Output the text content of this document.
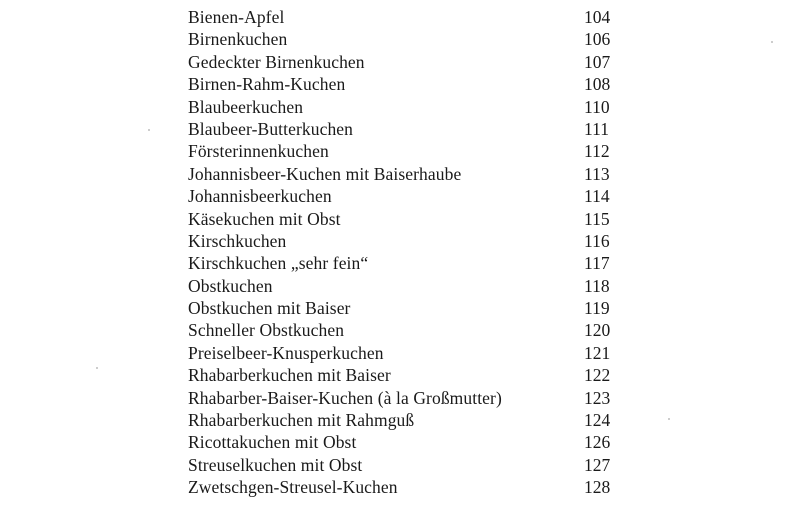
Bienen-Apfel	104
Birnenkuchen	106
Gedeckter Birnenkuchen	107
Birnen-Rahm-Kuchen	108
Blaubeerkuchen	110
Blaubeer-Butterkuchen	111
Försterinnenkuchen	112
Johannisbeer-Kuchen mit Baiserhaube	113
Johannisbeerkuchen	114
Käsekuchen mit Obst	115
Kirschkuchen	116
Kirschkuchen „sehr fein“	117
Obstkuchen	118
Obstkuchen mit Baiser	119
Schneller Obstkuchen	120
Preiselbeer-Knusperkuchen	121
Rhabarberkuchen mit Baiser	122
Rhabarber-Baiser-Kuchen (à la Großmutter)	123
Rhabarberkuchen mit Rahmguß	124
Ricottakuchen mit Obst	126
Streuselkuchen mit Obst	127
Zwetschgen-Streusel-Kuchen	128
